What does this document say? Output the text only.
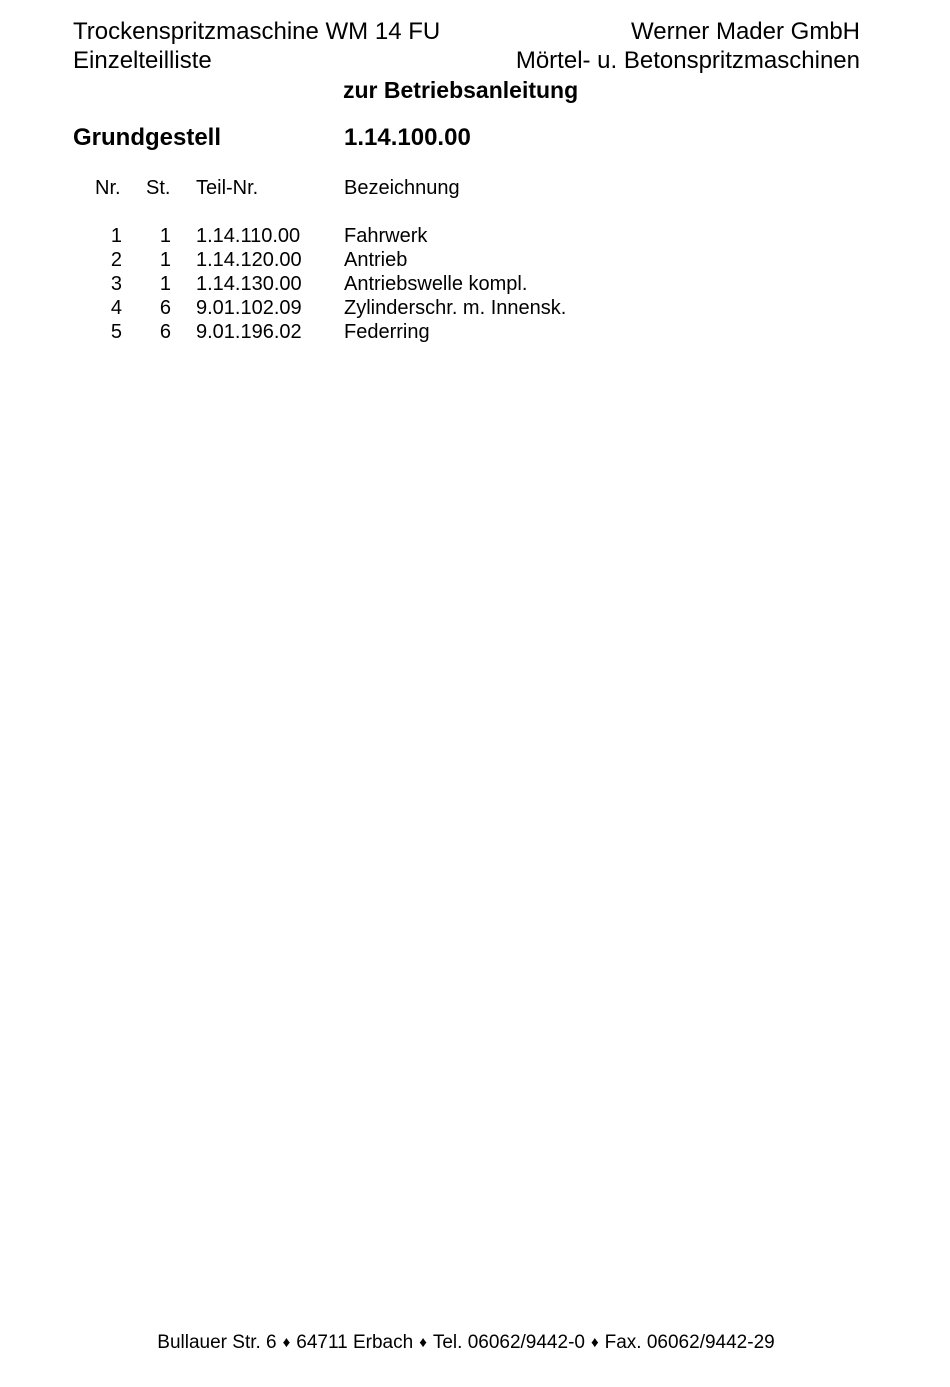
Trockenspritzmaschine WM 14 FU	Werner Mader GmbH
Einzelteilliste	Mörtel- u. Betonspritzmaschinen
zur Betriebsanleitung
Grundgestell	1.14.100.00
Nr. St. Teil-Nr.	Bezeichnung
1	1 1.14.110.00 Fahrwerk
2	1 1.14.120.00 Antrieb
3	1 1.14.130.00 Antriebswelle kompl.
4	6 9.01.102.09 Zylinderschr. m. Innensk.
5	6 9.01.196.02 Federring
Bullauer Str. 6 ♦ 64711 Erbach ♦ Tel. 06062/9442-0 ♦ Fax. 06062/9442-29
